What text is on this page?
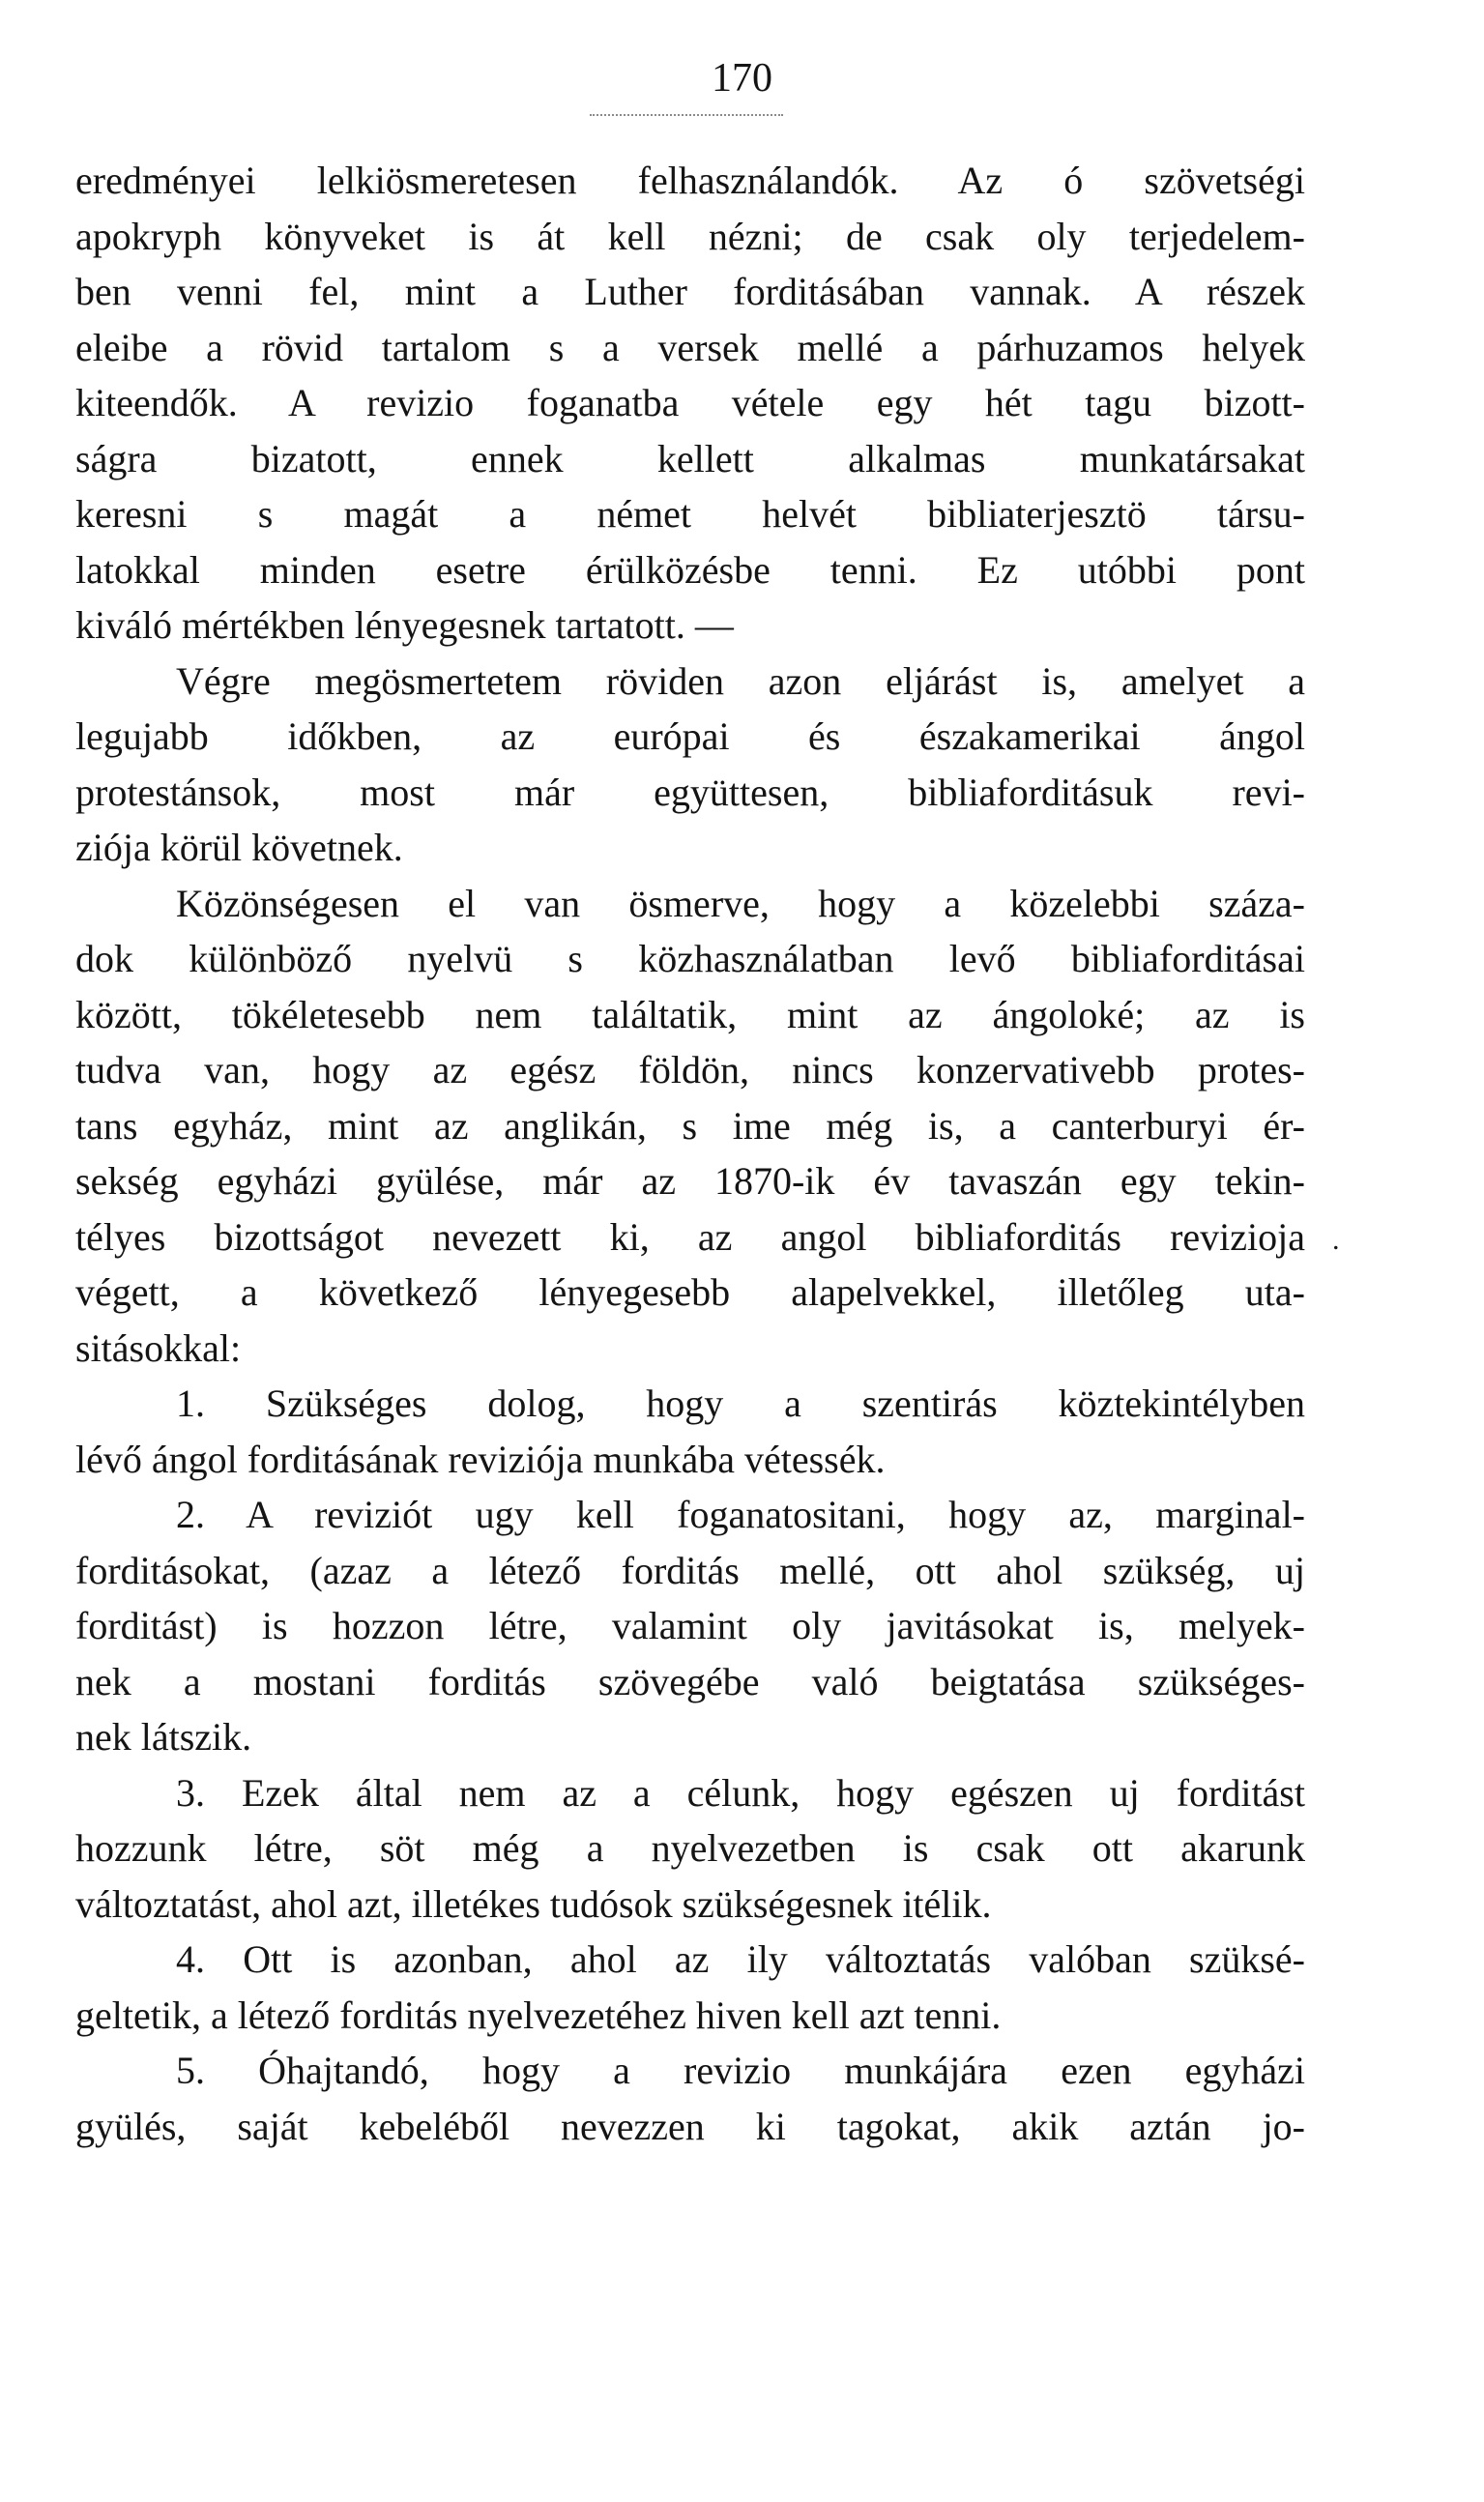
170
eredményei lelkiösmeretesen felhasználandók. Az ó szövetségi
apokryph könyveket is át kell nézni; de csak oly terjedelem-
ben venni fel, mint a Luther forditásában vannak. A részek
eleibe a rövid tartalom s a versek mellé a párhuzamos helyek
kiteendők. A revizio foganatba vétele egy hét tagu bizott-
ságra bizatott, ennek kellett alkalmas munkatársakat
keresni s magát a német helvét bibliaterjesztö társu-
latokkal minden esetre érülközésbe tenni. Ez utóbbi pont
kiváló mértékben lényegesnek tartatott. —
Végre megösmertetem röviden azon eljárást is, amelyet a
legujabb időkben, az európai és északamerikai ángol
protestánsok, most már együttesen, bibliaforditásuk revi-
ziója körül követnek.
Közönségesen el van ösmerve, hogy a közelebbi száza-
dok különböző nyelvü s közhasználatban levő bibliaforditásai
között, tökéletesebb nem találtatik, mint az ángoloké; az is
tudva van, hogy az egész földön, nincs konzervativebb protes-
tans egyház, mint az anglikán, s ime még is, a canterburyi ér-
sekség egyházi gyülése, már az 1870-ik év tavaszán egy tekin-
télyes bizottságot nevezett ki, az angol bibliaforditás revizioja
végett, a következő lényegesebb alapelvekkel, illetőleg uta-
sitásokkal:
1. Szükséges dolog, hogy a szentirás köztekintélyben
lévő ángol forditásának reviziója munkába vétessék.
2. A reviziót ugy kell foganatositani, hogy az, marginal-
forditásokat, (azaz a létező forditás mellé, ott ahol szükség, uj
forditást) is hozzon létre, valamint oly javitásokat is, melyek-
nek a mostani forditás szövegébe való beigtatása szükséges-
nek látszik.
3. Ezek által nem az a célunk, hogy egészen uj forditást
hozzunk létre, söt még a nyelvezetben is csak ott akarunk
változtatást, ahol azt, illetékes tudósok szükségesnek itélik.
4. Ott is azonban, ahol az ily változtatás valóban szüksé-
geltetik, a létező forditás nyelvezetéhez hiven kell azt tenni.
5. Óhajtandó, hogy a revizio munkájára ezen egyházi
gyülés, saját kebeléből nevezzen ki tagokat, akik aztán jo-
.
